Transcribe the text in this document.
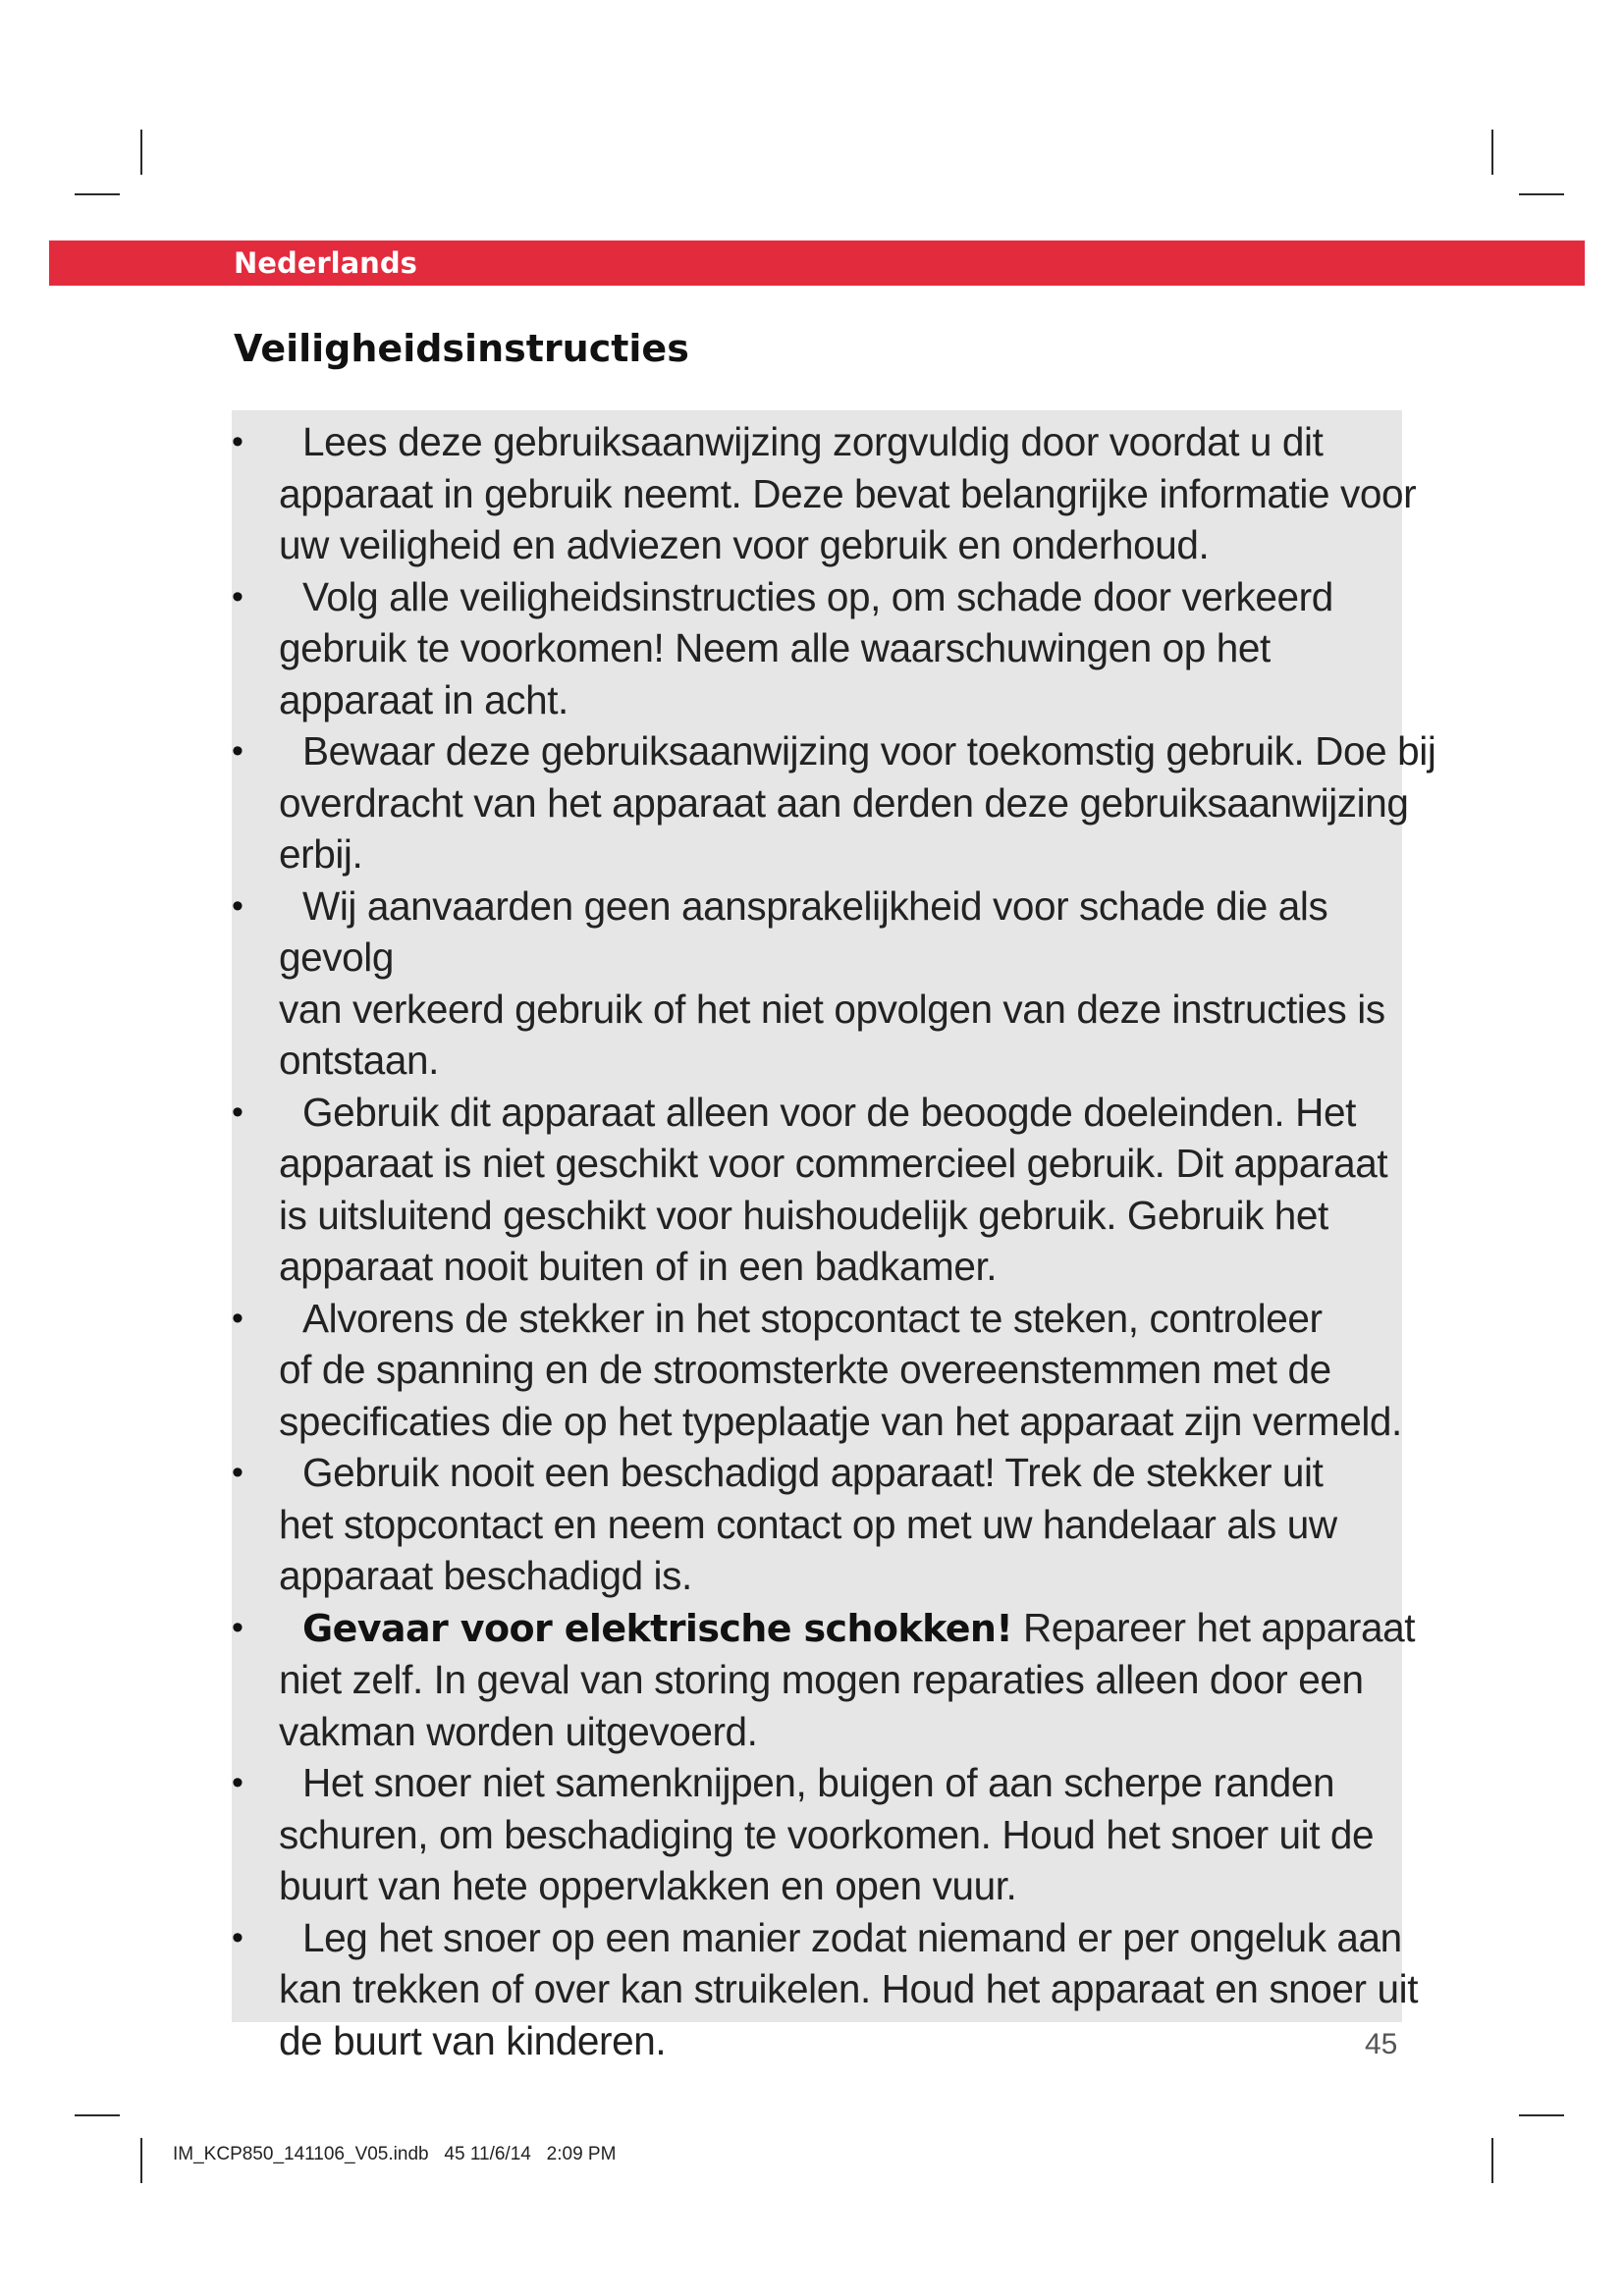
Nederlands
Veiligheidsinstructies
• Lees deze gebruiksaanwijzing zorgvuldig door voordat u dit
apparaat in gebruik neemt. Deze bevat belangrijke informatie voor
uw veiligheid en adviezen voor gebruik en onderhoud.
• Volg alle veiligheidsinstructies op, om schade door verkeerd
gebruik te voorkomen! Neem alle waarschuwingen op het
apparaat in acht.
• Bewaar deze gebruiksaanwijzing voor toekomstig gebruik. Doe bij
overdracht van het apparaat aan derden deze gebruiksaanwijzing
erbij.
• Wij aanvaarden geen aansprakelijkheid voor schade die als gevolg
van verkeerd gebruik of het niet opvolgen van deze instructies is
ontstaan.
• Gebruik dit apparaat alleen voor de beoogde doeleinden. Het
apparaat is niet geschikt voor commercieel gebruik. Dit apparaat
is uitsluitend geschikt voor huishoudelijk gebruik. Gebruik het
apparaat nooit buiten of in een badkamer.
• Alvorens de stekker in het stopcontact te steken, controleer
of de spanning en de stroomsterkte overeenstemmen met de
specificaties die op het typeplaatje van het apparaat zijn vermeld.
• Gebruik nooit een beschadigd apparaat! Trek de stekker uit
het stopcontact en neem contact op met uw handelaar als uw
apparaat beschadigd is.
• Gevaar voor elektrische schokken! Repareer het apparaat
niet zelf. In geval van storing mogen reparaties alleen door een
vakman worden uitgevoerd.
• Het snoer niet samenknijpen, buigen of aan scherpe randen
schuren, om beschadiging te voorkomen. Houd het snoer uit de
buurt van hete oppervlakken en open vuur.
• Leg het snoer op een manier zodat niemand er per ongeluk aan
kan trekken of over kan struikelen. Houd het apparaat en snoer uit
de buurt van kinderen.	45
IM_KCP850_141106_V05.indb 45 11/6/14 2:09 PM
